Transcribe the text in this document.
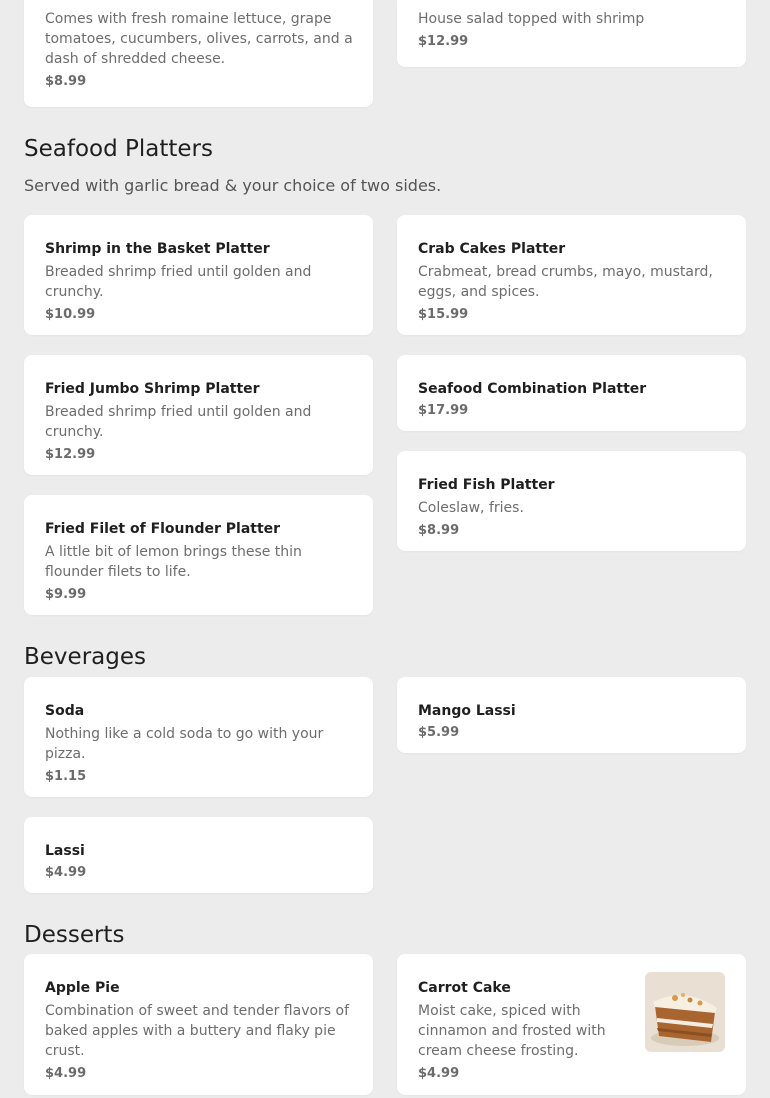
Comes with fresh romaine lettuce, grape tomatoes, cucumbers, olives, carrots, and a dash of shredded cheese.

$8.99

House salad topped with shrimp

$12.99

Seafood Platters

Served with garlic bread & your choice of two sides.

Shrimp in the Basket Platter

Breaded shrimp fried until golden and crunchy.

$10.99

Crab Cakes Platter

Crabmeat, bread crumbs, mayo, mustard, eggs, and spices.

$15.99

Fried Jumbo Shrimp Platter

Breaded shrimp fried until golden and crunchy.

$12.99

Seafood Combination Platter

$17.99

Fried Filet of Flounder Platter

A little bit of lemon brings these thin flounder filets to life.

$9.99

Fried Fish Platter

Coleslaw, fries.

$8.99

Beverages

Soda

Nothing like a cold soda to go with your pizza.

$1.15

Mango Lassi

$5.99

Lassi

$4.99

Desserts

Apple Pie

Combination of sweet and tender flavors of baked apples with a buttery and flaky pie crust.

$4.99

Carrot Cake

Moist cake, spiced with cinnamon and frosted with cream cheese frosting.

$4.99
